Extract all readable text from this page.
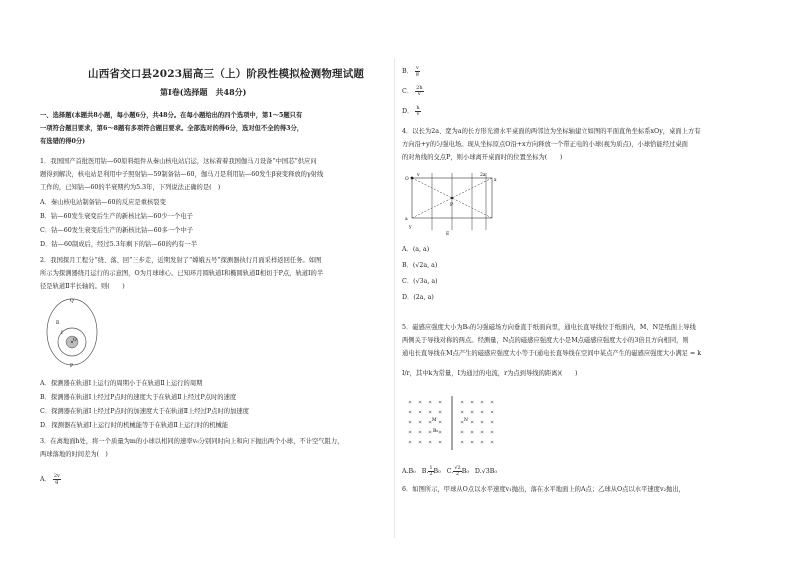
山西省交口县2023届高三（上）阶段性模拟检测物理试题
第Ⅰ卷(选择题　共48分)
一、选择题(本题共8小题，每小题6分，共48分。在每小题给出的四个选项中，第1～5题只有
一项符合题目要求，第6～8题有多项符合题目要求。全部选对的得6分，选对但不全的得3分，
有选错的得0分)
1．我国国产首批医用钴—60原料组件从秦山核电站启运，这标着着我国伽马刀设备“中国芯”供应问
题得到解决，核电站是利用中子照射钴—59制备钴—60，伽马刀是利用钴—60发生β衰变释放的γ射线
工作的，已知钴—60的半衰期约为5.3年，下列说法正确的是(　)
A．秦山核电站制备钴—60的反应是重核裂变
B．钴—60发生衰变后生产的新核比钴—60少一个电子
C．钴—60发生衰变后生产的新核比钴—60多一个中子
D．钴—60制成后，经过5.3年剩下的钴—60的约有一半
2．我国探月工程分“绕、落、回”三步走，近期发射了“嫦娥五号”探测器执行月面采样返回任务。如图
所示为探测器绕月运行的示意图，O为月球球心。已知环月圆轨道Ⅰ和椭圆轨道Ⅱ相切于P点，轨道Ⅰ的半
径是轨道Ⅱ半长轴的。则(　　)
O
Ⅱ
Ⅰ
Q
P
A．探测器在轨道Ⅰ上运行的周期小于在轨道Ⅱ上运行的周期
B．探测器在轨道Ⅰ上经过P点时的速度大于在轨道Ⅱ上经过P点时的速度
C．探测器在轨道Ⅰ上经过P点时的加速度大于在轨道Ⅱ上经过P点时的加速度
D．探测器在轨道Ⅰ上运行时的机械能等于在轨道Ⅱ上运行时的机械能
3．在离地面h处，将一个质量为m的小球以相同的速率v₀分别同时向上和向下抛出两个小球，不计空气阻力，
两球落地的时间差为(　)
A． $\frac{2v}{g}$
B． $\frac{v}{g}$
C． $\frac{2h}{v}$
D． $\frac{h}{v}$
4．以长为2a、宽为a的长方形光滑水平桌面的两邻边为坐标轴建立如图的平面直角坐标系xOy，桌面上方有
方向沿+y的匀强电场。现从坐标原点O沿+x方向释放一个带正电的小球(视为质点)，小球恰能经过桌面
的对角线的交点P，则小球离开桌面时的位置坐标为(　　)
O	x
y
v	2a
a
P
E
A．(a, a)
B．(√2a, a)
C．(√3a, a)
D．(2a, a)
5．磁感应强度大小为B₀的匀强磁场方向垂直于纸面向里，通电长直导线位于纸面内，M、N是纸面上导线
两侧关于导线对称的两点。经测量，N点的磁感应强度大小是M点磁感应强度大小的3倍且方向相同，则
通电长直导线在M点产生的磁感应强度大小等于(通电长直导线在空间中某点产生的磁感应强度大小满足 = k
I/r，其中k为常量，I为通过的电流，r为点到导线的距离)(　　)
B₀
M	N
× × × ×	× × × ×
× × × ×	× × × ×
× × × ×	× × × ×
× × × ×	× × × ×
× × × ×	× × × ×
A.B₀ B. $\frac{1}{2} B_0$ C. $\frac{√2}{2} B_0$ D.√3B₀
6．如图所示，甲球从O点以水平速度v₁抛出，落在水平地面上的A点；乙球从O点以水平速度v₂抛出，
